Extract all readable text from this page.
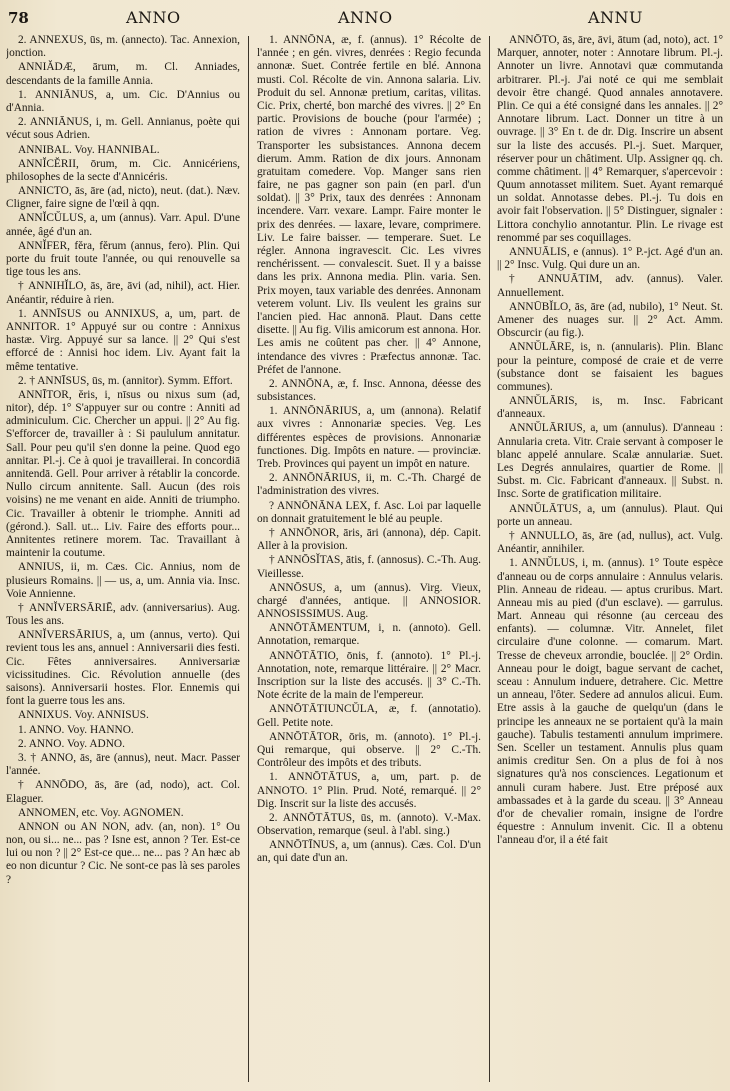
78	ANNO	ANNO	ANNU

2. ANNEXUS, ūs, m. (annecto). Tac. Annexion, jonction.

ANNIĂDÆ, ārum, m. Cl. Anniades, descendants de la famille Annia.

1. ANNIĀNUS, a, um. Cic. D'Annius ou d'Annia.

2. ANNIĀNUS, i, m. Gell. Annianus, poète qui vécut sous Adrien.

ANNIBAL. Voy. HANNIBAL.

ANNĬCĔRII, ōrum, m. Cic. Annicériens, philosophes de la secte d'Annicéris.

ANNICTO, ās, āre (ad, nicto), neut. (dat.). Næv. Cligner, faire signe de l'œil à qqn.

ANNĬCŬLUS, a, um (annus). Varr. Apul. D'une année, âgé d'un an.

ANNĬFER, fĕra, fĕrum (annus, fero). Plin. Qui porte du fruit toute l'année, ou qui renouvelle sa tige tous les ans.

† ANNIHĬLO, ās, āre, āvi (ad, nihil), act. Hier. Anéantir, réduire à rien.

1. ANNĪSUS ou ANNIXUS, a, um, part. de ANNITOR. 1° Appuyé sur ou contre : Annixus hastæ. Virg. Appuyé sur sa lance. || 2° Qui s'est efforcé de : Annisi hoc idem. Liv. Ayant fait la même tentative.

2. † ANNĪSUS, ūs, m. (annitor). Symm. Effort.

ANNĪTOR, ĕris, i, nīsus ou nixus sum (ad, nitor), dép. 1° S'appuyer sur ou contre : Anniti ad adminiculum. Cic. Chercher un appui. || 2° Au fig. S'efforcer de, travailler à : Si paululum annitatur. Sall. Pour peu qu'il s'en donne la peine. Quod ego annitar. Pl.-j. Ce à quoi je travaillerai. In concordiā annitendā. Gell. Pour arriver à rétablir la concorde. Nullo circum annitente. Sall. Aucun (des rois voisins) ne me venant en aide. Anniti de triumpho. Cic. Travailler à obtenir le triomphe. Anniti ad (gérond.). Sall. ut... Liv. Faire des efforts pour... Annitentes retinere morem. Tac. Travaillant à maintenir la coutume.

ANNIUS, ii, m. Cæs. Cic. Annius, nom de plusieurs Romains. || — us, a, um. Annia via. Insc. Voie Annienne.

† ANNĬVERSĀRIĒ, adv. (anniversarius). Aug. Tous les ans.

ANNĬVERSĀRIUS, a, um (annus, verto). Qui revient tous les ans, annuel : Anniversarii dies festi. Cic. Fêtes anniversaires. Anniversariæ vicissitudines. Cic. Révolution annuelle (des saisons). Anniversarii hostes. Flor. Ennemis qui font la guerre tous les ans.

ANNIXUS. Voy. ANNISUS.

1. ANNO. Voy. HANNO.

2. ANNO. Voy. ADNO.

3. † ANNO, ās, āre (annus), neut. Macr. Passer l'année.

† ANNŌDO, ās, āre (ad, nodo), act. Col. Elaguer.

ANNOMEN, etc. Voy. AGNOMEN.

ANNON ou AN NON, adv. (an, non). 1° Ou non, ou si... ne... pas ? Isne est, annon ? Ter. Est-ce lui ou non ? || 2° Est-ce que... ne... pas ? An hæc ab eo non dicuntur ? Cic. Ne sont-ce pas là ses paroles ?

1. ANNŌNA, æ, f. (annus). 1° Récolte de l'année ; en gén. vivres, denrées : Regio fecunda annonæ. Suet. Contrée fertile en blé. Annona musti. Col. Récolte de vin. Annona salaria. Liv. Produit du sel. Annonæ pretium, caritas, vilitas. Cic. Prix, cherté, bon marché des vivres. || 2° En partic. Provisions de bouche (pour l'armée) ; ration de vivres : Annonam portare. Veg. Transporter les subsistances. Annona decem dierum. Amm. Ration de dix jours. Annonam gratuitam comedere. Vop. Manger sans rien faire, ne pas gagner son pain (en parl. d'un soldat). || 3° Prix, taux des denrées : Annonam incendere. Varr. vexare. Lampr. Faire monter le prix des denrées. — laxare, levare, comprimere. Liv. Le faire baisser. — temperare. Suet. Le régler. Annona ingravescit. Cic. Les vivres renchérissent. — convalescit. Suet. Il y a baisse dans les prix. Annona media. Plin. varia. Sen. Prix moyen, taux variable des denrées. Annonam veterem volunt. Liv. Ils veulent les grains sur l'ancien pied. Hac annonā. Plaut. Dans cette disette. || Au fig. Vilis amicorum est annona. Hor. Les amis ne coûtent pas cher. || 4° Annone, intendance des vivres : Præfectus annonæ. Tac. Préfet de l'annone.

2. ANNŌNA, æ, f. Insc. Annona, déesse des subsistances.

1. ANNŌNĀRIUS, a, um (annona). Relatif aux vivres : Annonariæ species. Veg. Les différentes espèces de provisions. Annonariæ functiones. Dig. Impôts en nature. — provinciæ. Treb. Provinces qui payent un impôt en nature.

2. ANNŌNĀRIUS, ii, m. C.-Th. Chargé de l'administration des vivres.

? ANNŌNĀNA LEX, f. Asc. Loi par laquelle on donnait gratuitement le blé au peuple.

† ANNŌNOR, āris, āri (annona), dép. Capit. Aller à la provision.

† ANNŌSĬTAS, ātis, f. (annosus). C.-Th. Aug. Vieillesse.

ANNŌSUS, a, um (annus). Virg. Vieux, chargé d'années, antique. || ANNOSIOR. ANNOSISSIMUS. Aug.

ANNŌTĀMENTUM, i, n. (annoto). Gell. Annotation, remarque.

ANNŌTĀTIO, ōnis, f. (annoto). 1° Pl.-j. Annotation, note, remarque littéraire. || 2° Macr. Inscription sur la liste des accusés. || 3° C.-Th. Note écrite de la main de l'empereur.

ANNŌTĀTIUNCŬLA, æ, f. (annotatio). Gell. Petite note.

ANNŌTĀTOR, ōris, m. (annoto). 1° Pl.-j. Qui remarque, qui observe. || 2° C.-Th. Contrôleur des impôts et des tributs.

1. ANNŌTĀTUS, a, um, part. p. de ANNOTO. 1° Plin. Prud. Noté, remarqué. || 2° Dig. Inscrit sur la liste des accusés.

2. ANNŌTĀTUS, ūs, m. (annoto). V.-Max. Observation, remarque (seul. à l'abl. sing.)

ANNŌTĪNUS, a, um (annus). Cæs. Col. D'un an, qui date d'un an.

ANNŌTO, ās, āre, āvi, ātum (ad, noto), act. 1° Marquer, annoter, noter : Annotare librum. Pl.-j. Annoter un livre. Annotavi quæ commutanda arbitrarer. Pl.-j. J'ai noté ce qui me semblait devoir être changé. Quod annales annotavere. Plin. Ce qui a été consigné dans les annales. || 2° Annotare librum. Lact. Donner un titre à un ouvrage. || 3° En t. de dr. Dig. Inscrire un absent sur la liste des accusés. Pl.-j. Suet. Marquer, réserver pour un châtiment. Ulp. Assigner qq. ch. comme châtiment. || 4° Remarquer, s'apercevoir : Quum annotasset militem. Suet. Ayant remarqué un soldat. Annotasse debes. Pl.-j. Tu dois en avoir fait l'observation. || 5° Distinguer, signaler : Littora conchylio annotantur. Plin. Le rivage est renommé par ses coquillages.

ANNUĀLIS, e (annus). 1° P.-jct. Agé d'un an. || 2° Insc. Vulg. Qui dure un an.

† ANNUĀTIM, adv. (annus). Valer. Annuellement.

ANNŪBĬLO, ās, āre (ad, nubilo), 1° Neut. St. Amener des nuages sur. || 2° Act. Amm. Obscurcir (au fig.).

ANNŬLĀRE, is, n. (annularis). Plin. Blanc pour la peinture, composé de craie et de verre (substance dont se faisaient les bagues communes).

ANNŬLĀRIS, is, m. Insc. Fabricant d'anneaux.

ANNŬLĀRIUS, a, um (annulus). D'anneau : Annularia creta. Vitr. Craie servant à composer le blanc appelé annulare. Scalæ annulariæ. Suet. Les Degrés annulaires, quartier de Rome. || Subst. m. Cic. Fabricant d'anneaux. || Subst. n. Insc. Sorte de gratification militaire.

ANNŬLĀTUS, a, um (annulus). Plaut. Qui porte un anneau.

† ANNULLO, ās, āre (ad, nullus), act. Vulg. Anéantir, annihiler.

1. ANNŬLUS, i, m. (annus). 1° Toute espèce d'anneau ou de corps annulaire : Annulus velaris. Plin. Anneau de rideau. — aptus cruribus. Mart. Anneau mis au pied (d'un esclave). — garrulus. Mart. Anneau qui résonne (au cerceau des enfants). — columnæ. Vitr. Annelet, filet circulaire d'une colonne. — comarum. Mart. Tresse de cheveux arrondie, bouclée. || 2° Ordin. Anneau pour le doigt, bague servant de cachet, sceau : Annulum induere, detrahere. Cic. Mettre un anneau, l'ôter. Sedere ad annulos alicui. Eum. Etre assis à la gauche de quelqu'un (dans le principe les anneaux ne se portaient qu'à la main gauche). Tabulis testamenti annulum imprimere. Sen. Sceller un testament. Annulis plus quam animis creditur Sen. On a plus de foi à nos signatures qu'à nos consciences. Legationum et annuli curam habere. Just. Etre préposé aux ambassades et à la garde du sceau. || 3° Anneau d'or de chevalier romain, insigne de l'ordre équestre : Annulum invenit. Cic. Il a obtenu l'anneau d'or, il a été fait
